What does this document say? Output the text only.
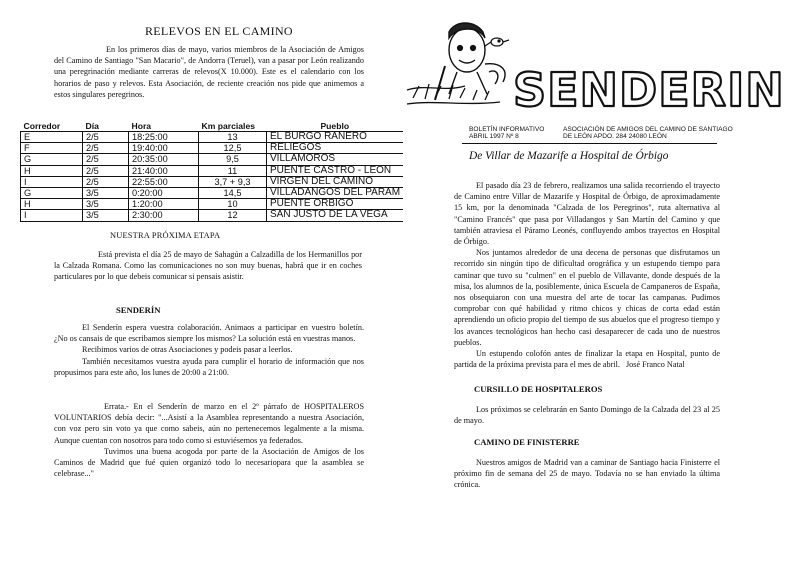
RELEVOS EN EL CAMINO

En los primeros días de mayo, varios miembros de la Asociación de Amigos del Camino de Santiago "San Macario", de Andorra (Teruel), van a pasar por León realizando una peregrinación mediante carreras de relevos(X 10.000). Este es el calendario con los horarios de paso y relevos. Esta Asociación, de reciente creación nos pide que animemos a estos singulares peregrinos.

Corredor	Día	Hora	Km parciales	Pueblo
E	2/5	18:25:00	13	EL BURGO RANERO
F	2/5	19:40:00	12,5	RELIEGOS
G	2/5	20:35:00	9,5	VILLAMOROS
H	2/5	21:40:00	11	PUENTE CASTRO - LEON
I	2/5	22:55:00	3,7 + 9,3	VIRGEN DEL CAMINO
G	3/5	0:20:00	14,5	VILLADANGOS DEL PARAM
H	3/5	1:20:00	10	PUENTE ORBIGO
I	3/5	2:30:00	12	SAN JUSTO DE LA VEGA
NUESTRA PRÓXIMA ETAPA

Está prevista el día 25 de mayo de Sahagún a Calzadilla de los Hermanillos por la Calzada Romana. Como las comunicaciones no son muy buenas, habrá que ir en coches particulares por lo que debeis comunicar si pensais asistir.

SENDERÍN

El Senderín espera vuestra colaboración. Animaos a participar en vuestro boletín. ¿No os cansais de que escribamos siempre los mismos? La solución está en vuestras manos.

Recibimos varios de otras Asociaciones y podeis pasar a leerlos.

También necesitamos vuestra ayuda para cumplir el horario de información que nos propusimos para este año, los lunes de 20:00 a 21:00.

Errata.- En el Senderín de marzo en el 2º párrafo de HOSPITALEROS VOLUNTARIOS debía decir: "...Asistí a la Asamblea representando a nuestra Asociación, con voz pero sin voto ya que como sabeis, aún no pertenecemos legalmente a la misma. Aunque cuentan con nosotros para todo como si estuviésemos ya federados.

Tuvimos una buena acogoda por parte de la Asociación de Amigos de los Caminos de Madrid que fué quien organizó todo lo necesariopara que la asamblea se celebrase..."

SENDERIN
BOLETÍN INFORMATIVO
ABRIL 1997 Nº 8
ASOCIACIÓN DE AMIGOS DEL CAMINO DE SANTIAGO
DE LEÓN APDO. 284 24080 LEÓN
De Villar de Mazarife a Hospital de Órbigo

El pasado día 23 de febrero, realizamos una salida recorriendo el trayecto de Camino entre Villar de Mazarife y Hospital de Órbigo, de aproximadamente 15 km, por la denominada "Calzada de los Peregrinos", ruta alternativa al "Camino Francés" que pasa por Villadangos y San Martín del Camino y que también atraviesa el Páramo Leonés, confluyendo ambos trayectos en Hospital de Órbigo.

Nos juntamos alrededor de una decena de personas que disfrutamos un recorrido sin ningún tipo de dificultad orográfica y un estupendo tiempo para caminar que tuvo su "culmen" en el pueblo de Villavante, donde después de la misa, los alumnos de la, posiblemente, única Escuela de Campaneros de España, nos obsequiaron con una muestra del arte de tocar las campanas. Pudimos comprobar con qué habilidad y ritmo chicos y chicas de corta edad están aprendiendo un oficio propio del tiempo de sus abuelos que el progreso tiempo y los avances tecnológicos han hecho casi desaparecer de cada uno de nuestros pueblos.

Un estupendo colofón antes de finalizar la etapa en Hospital, punto de partida de la próxima prevista para el mes de abril. José Franco Natal
CURSILLO DE HOSPITALEROS

Los próximos se celebrarán en Santo Domingo de la Calzada del 23 al 25 de mayo.

CAMINO DE FINISTERRE

Nuestros amigos de Madrid van a caminar de Santiago hacia Finisterre el próximo fin de semana del 25 de mayo. Todavía no se han enviado la última crónica.
